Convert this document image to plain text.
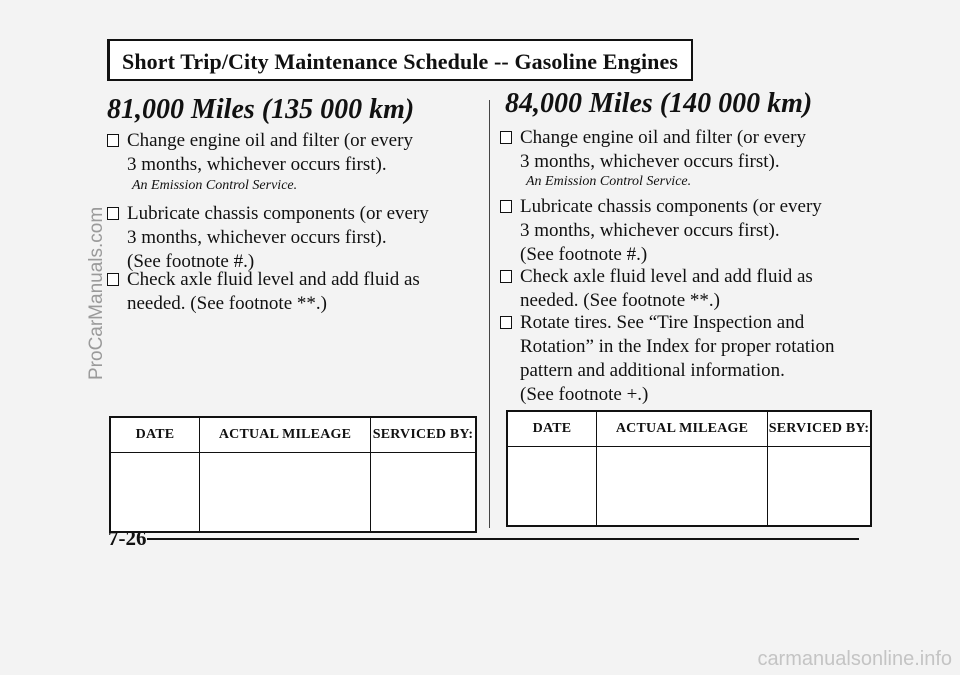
Short Trip/City Maintenance Schedule -- Gasoline Engines
81,000 Miles (135 000 km)
Change engine oil and filter (or every
3 months, whichever occurs first).
An Emission Control Service.
Lubricate chassis components (or every
3 months, whichever occurs first).
(See footnote #.)
Check axle fluid level and add fluid as
needed. (See footnote **.)
DATE	ACTUAL MILEAGE	SERVICED BY:

84,000 Miles (140 000 km)
Change engine oil and filter (or every
3 months, whichever occurs first).
An Emission Control Service.
Lubricate chassis components (or every
3 months, whichever occurs first).
(See footnote #.)
Check axle fluid level and add fluid as
needed. (See footnote **.)
Rotate tires. See “Tire Inspection and
Rotation” in the Index for proper rotation
pattern and additional information.
(See footnote +.)
DATE	ACTUAL MILEAGE	SERVICED BY:

7-26
ProCarManuals.com
carmanualsonline.info
